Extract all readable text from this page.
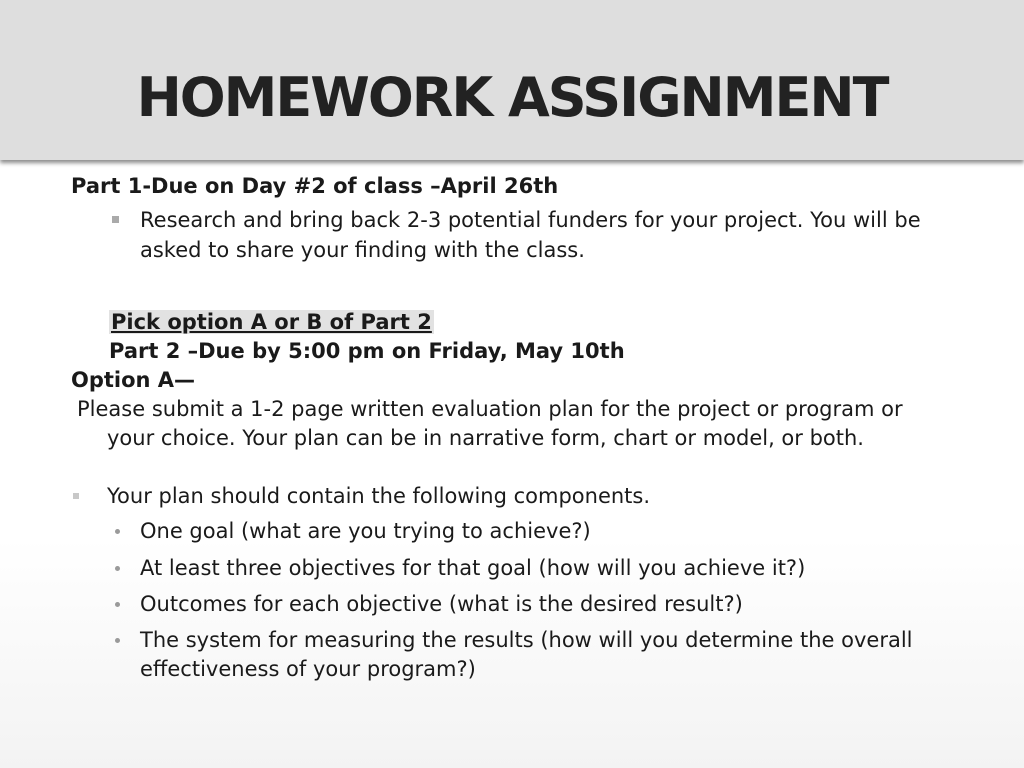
HOMEWORK ASSIGNMENT

Part 1-Due on Day #2 of class –April 26th

Research and bring back 2-3 potential funders for your project. You will be

asked to share your finding with the class.

Pick option A or B of Part 2

Part 2 –Due by 5:00 pm on Friday, May 10th

Option A—

Please submit a 1-2 page written evaluation plan for the project or program or

your choice. Your plan can be in narrative form, chart or model, or both.

Your plan should contain the following components.

One goal (what are you trying to achieve?)

At least three objectives for that goal (how will you achieve it?)

Outcomes for each objective (what is the desired result?)

The system for measuring the results (how will you determine the overall

effectiveness of your program?)
